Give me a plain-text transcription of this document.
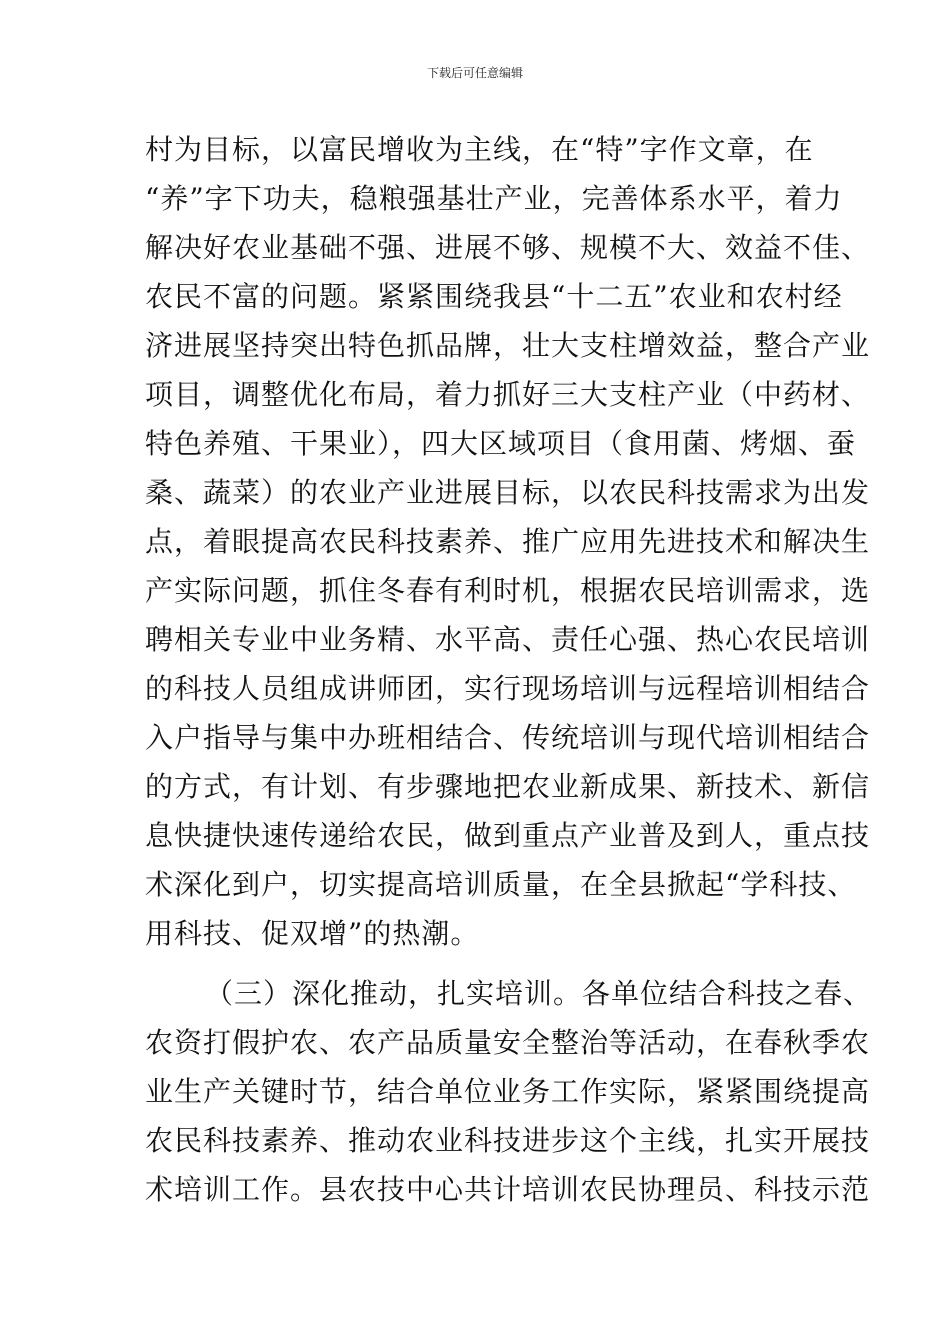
下载后可任意编辑
村为目标，以富民增收为主线，在“特”字作文章，在
“养”字下功夫，稳粮强基壮产业，完善体系水平，着力
解决好农业基础不强、进展不够、规模不大、效益不佳、
农民不富的问题。紧紧围绕我县“十二五”农业和农村经
济进展坚持突出特色抓品牌，壮大支柱增效益，整合产业
项目，调整优化布局，着力抓好三大支柱产业（中药材、
特色养殖、干果业），四大区域项目（食用菌、烤烟、蚕
桑、蔬菜）的农业产业进展目标，以农民科技需求为出发
点，着眼提高农民科技素养、推广应用先进技术和解决生
产实际问题，抓住冬春有利时机，根据农民培训需求，选
聘相关专业中业务精、水平高、责任心强、热心农民培训
的科技人员组成讲师团，实行现场培训与远程培训相结合
入户指导与集中办班相结合、传统培训与现代培训相结合
的方式，有计划、有步骤地把农业新成果、新技术、新信
息快捷快速传递给农民，做到重点产业普及到人，重点技
术深化到户，切实提高培训质量，在全县掀起“学科技、
用科技、促双增”的热潮。
（三）深化推动，扎实培训。各单位结合科技之春、
农资打假护农、农产品质量安全整治等活动，在春秋季农
业生产关键时节，结合单位业务工作实际，紧紧围绕提高
农民科技素养、推动农业科技进步这个主线，扎实开展技
术培训工作。县农技中心共计培训农民协理员、科技示范
